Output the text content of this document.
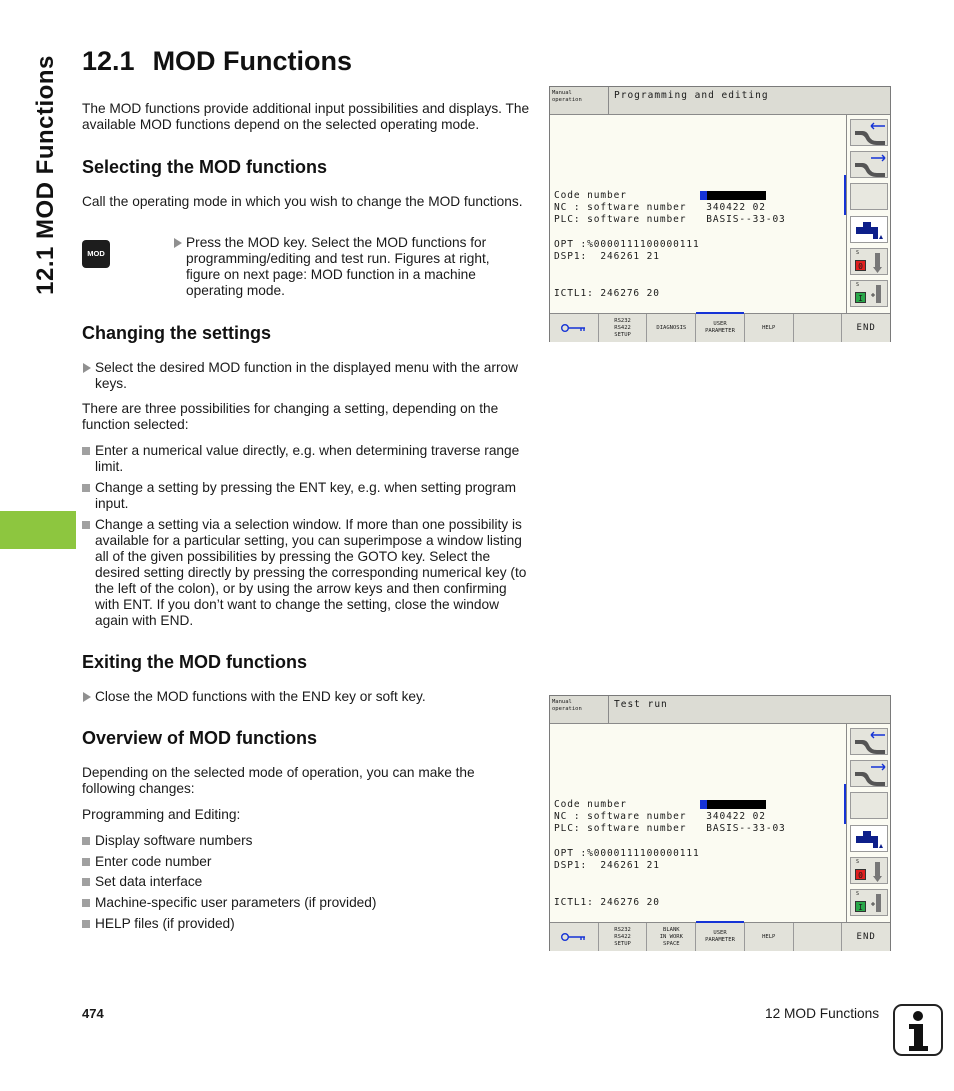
12.1 MOD Functions 12.1 MOD Functions
The MOD functions provide additional input possibilities and displays. The available MOD functions depend on the selected operating mode.
Selecting the MOD functions
Call the operating mode in which you wish to change the MOD functions.
MOD
Press the MOD key. Select the MOD functions for programming/editing and test run. Figures at right, figure on next page: MOD function in a machine operating mode.
Changing the settings
Select the desired MOD function in the displayed menu with the arrow keys.
There are three possibilities for changing a setting, depending on the function selected:
Enter a numerical value directly, e.g. when determining traverse range limit.
Change a setting by pressing the ENT key, e.g. when setting program input.
Change a setting via a selection window. If more than one possibility is available for a particular setting, you can superimpose a window listing all of the given possibilities by pressing the GOTO key. Select the desired setting directly by pressing the corresponding numerical key (to the left of the colon), or by using the arrow keys and then confirming with ENT. If you don’t want to change the setting, close the window again with END.
Exiting the MOD functions
Close the MOD functions with the END key or soft key.
Overview of MOD functions
Depending on the selected mode of operation, you can make the following changes:
Programming and Editing:
Display software numbers
Enter code number
Set data interface
Machine-specific user parameters (if provided)
HELP files (if provided)
Manual
operation	Programming and editing
Code number
NC : software number   340422 02
PLC: software number   BASIS--33-03
OPT :%0000111100000111
DSP1:  246261 21
ICTL1: 246276 20
S
0
S
I
RS232
RS422
SETUP
DIAGNOSIS
USER
PARAMETER
HELP	END
Manual
operation	Test run
Code number
NC : software number   340422 02
PLC: software number   BASIS--33-03
OPT :%0000111100000111
DSP1:  246261 21
ICTL1: 246276 20
S
0
S
I
RS232
RS422
SETUP
BLANK
IN WORK
SPACE
USER
PARAMETER
HELP	END
474	12 MOD Functions
